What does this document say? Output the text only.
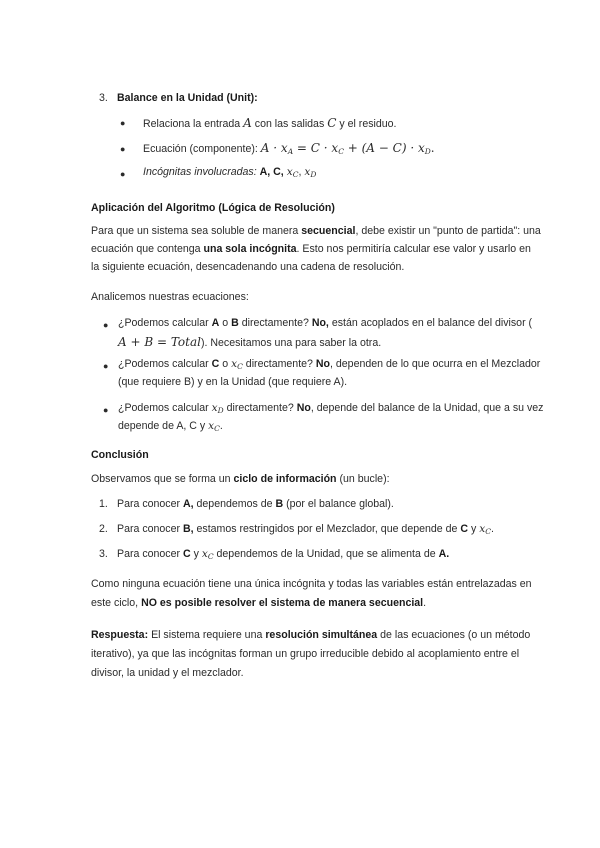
3. Balance en la Unidad (Unit):
● Relaciona la entrada A con las salidas C y el residuo.
● Ecuación (componente): $A \cdot x_A = C \cdot x_C + (A - C) \cdot x_D$.
● Incógnitas involucradas: A, C, $x_C$, $x_D$
Aplicación del Algoritmo (Lógica de Resolución)
Para que un sistema sea soluble de manera secuencial, debe existir un "punto de partida": una
ecuación que contenga una sola incógnita. Esto nos permitiría calcular ese valor y usarlo en
la siguiente ecuación, desencadenando una cadena de resolución.
Analicemos nuestras ecuaciones:
● ¿Podemos calcular A o B directamente? No, están acoplados en el balance del divisor (
A + B = Total). Necesitamos una para saber la otra.
● ¿Podemos calcular C o $x_C$ directamente? No, dependen de lo que ocurra en el Mezclador
(que requiere B) y en la Unidad (que requiere A).
● ¿Podemos calcular $x_D$ directamente? No, depende del balance de la Unidad, que a su vez
depende de A, C y $x_C$.
Conclusión
Observamos que se forma un ciclo de información (un bucle):
1. Para conocer A, dependemos de B (por el balance global).
2. Para conocer B, estamos restringidos por el Mezclador, que depende de C y $x_C$.
3. Para conocer C y $x_C$ dependemos de la Unidad, que se alimenta de A.
Como ninguna ecuación tiene una única incógnita y todas las variables están entrelazadas en
este ciclo, NO es posible resolver el sistema de manera secuencial.
Respuesta: El sistema requiere una resolución simultánea de las ecuaciones (o un método
iterativo), ya que las incógnitas forman un grupo irreducible debido al acoplamiento entre el
divisor, la unidad y el mezclador.
